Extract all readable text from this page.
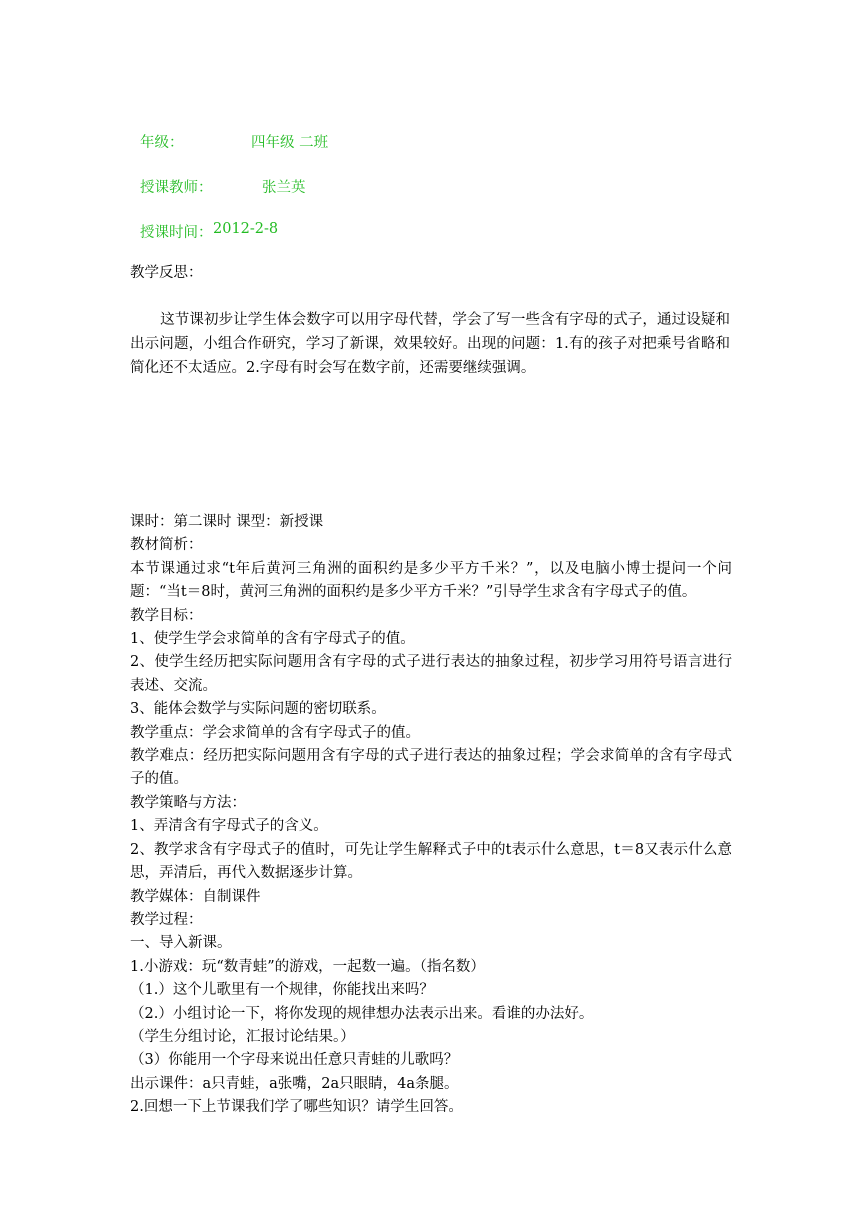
年级：	四年级 二班
授课教师：	张兰英
授课时间： 2012-2-8
教学反思：
这节课初步让学生体会数字可以用字母代替，学会了写一些含有字母的式子，通过设疑和出示问题，小组合作研究，学习了新课，效果较好。出现的问题：1.有的孩子对把乘号省略和简化还不太适应。2.字母有时会写在数字前，还需要继续强调。
课时：第二课时 课型：新授课
教材简析：
本节课通过求“t年后黄河三角洲的面积约是多少平方千米？”，以及电脑小博士提问一个问题：“当t＝8时，黄河三角洲的面积约是多少平方千米？”引导学生求含有字母式子的值。
教学目标：
1、使学生学会求简单的含有字母式子的值。
2、使学生经历把实际问题用含有字母的式子进行表达的抽象过程，初步学习用符号语言进行表述、交流。
3、能体会数学与实际问题的密切联系。
教学重点：学会求简单的含有字母式子的值。
教学难点：经历把实际问题用含有字母的式子进行表达的抽象过程；学会求简单的含有字母式子的值。
教学策略与方法：
1、弄清含有字母式子的含义。
2、教学求含有字母式子的值时，可先让学生解释式子中的t表示什么意思，t＝8又表示什么意思，弄清后，再代入数据逐步计算。
教学媒体：自制课件
教学过程：
一、导入新课。
1.小游戏：玩“数青蛙”的游戏，一起数一遍。（指名数）
（1.）这个儿歌里有一个规律，你能找出来吗？
（2.）小组讨论一下，将你发现的规律想办法表示出来。看谁的办法好。
（学生分组讨论，汇报讨论结果。）
（3）你能用一个字母来说出任意只青蛙的儿歌吗？
出示课件：a只青蛙，a张嘴，2a只眼睛，4a条腿。
2.回想一下上节课我们学了哪些知识？请学生回答。
